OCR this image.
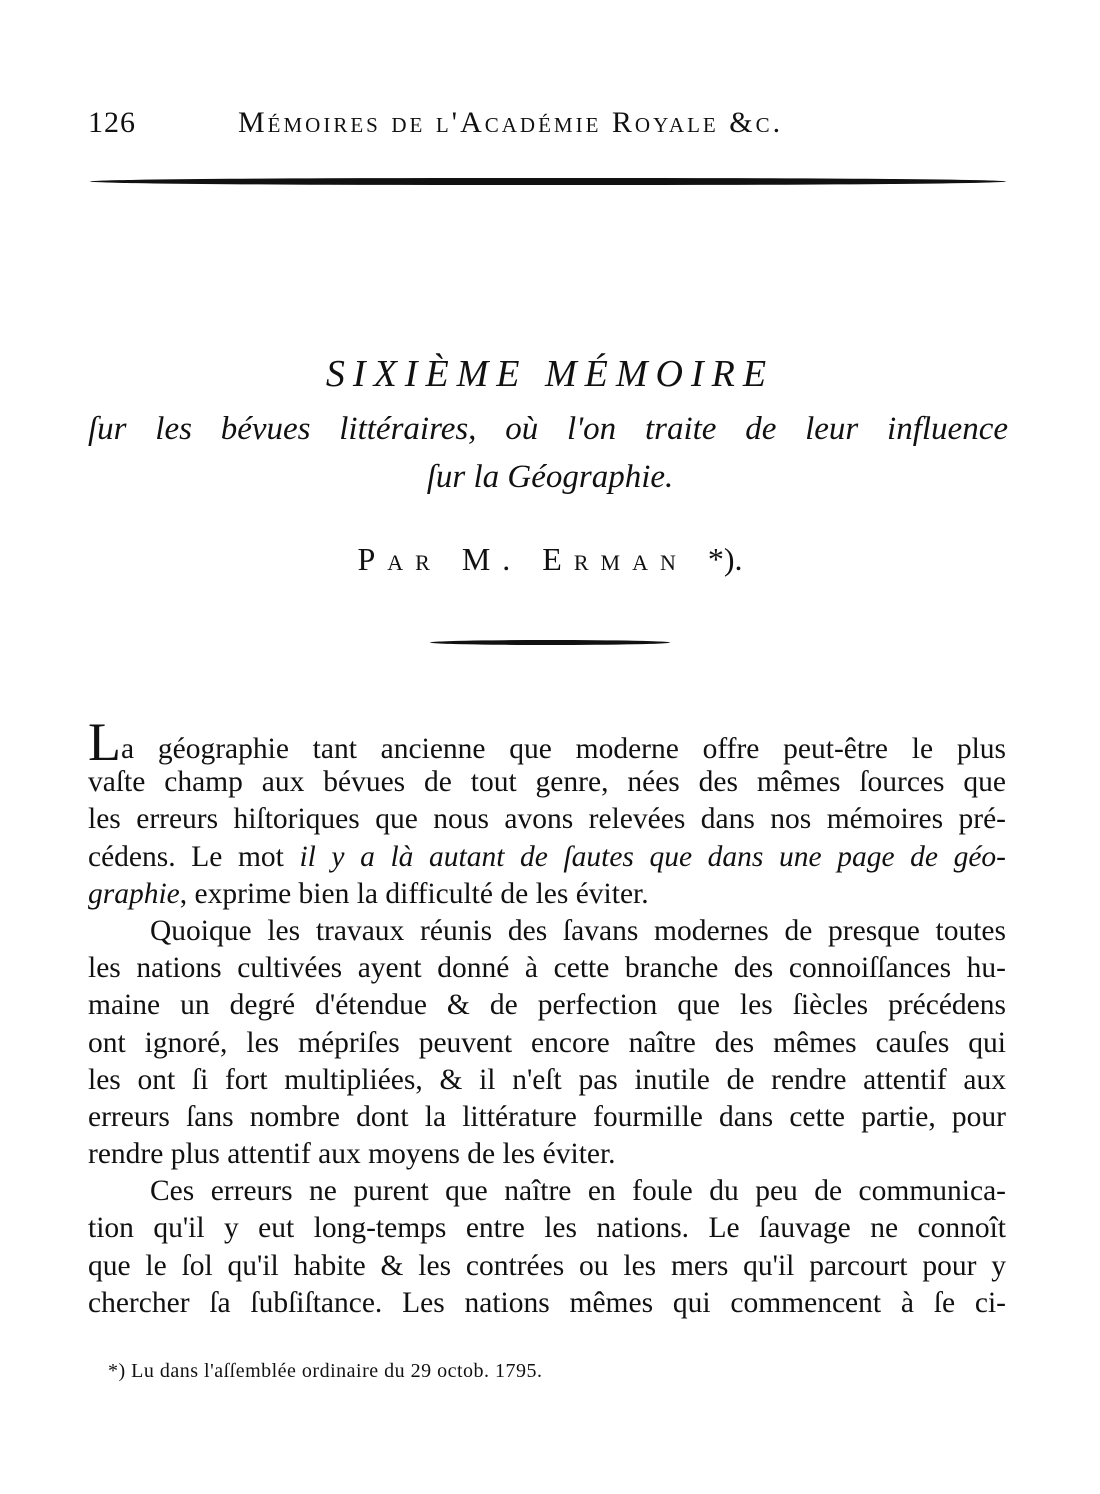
126	Mémoires de l'Académie Royale &c.
SIXIÈME MÉMOIRE
ſur les bévues littéraires, où l'on traite de leur influence
ſur la Géographie.
Par M. Erman *).
La géographie tant ancienne que moderne offre peut-être le plus
vaſte champ aux bévues de tout genre, nées des mêmes ſources que
les erreurs hiſtoriques que nous avons relevées dans nos mémoires pré-
cédens. Le mot il y a là autant de ſautes que dans une page de géo-
graphie, exprime bien la difficulté de les éviter.
Quoique les travaux réunis des ſavans modernes de presque toutes
les nations cultivées ayent donné à cette branche des connoiſſances hu-
maine un degré d'étendue & de perfection que les ſiècles précédens
ont ignoré, les mépriſes peuvent encore naître des mêmes cauſes qui
les ont ſi fort multipliées, & il n'eſt pas inutile de rendre attentif aux
erreurs ſans nombre dont la littérature fourmille dans cette partie, pour
rendre plus attentif aux moyens de les éviter.
Ces erreurs ne purent que naître en foule du peu de communica-
tion qu'il y eut long-temps entre les nations. Le ſauvage ne connoît
que le ſol qu'il habite & les contrées ou les mers qu'il parcourt pour y
chercher ſa ſubſiſtance. Les nations mêmes qui commencent à ſe ci-
*) Lu dans l'aſſemblée ordinaire du 29 octob. 1795.
